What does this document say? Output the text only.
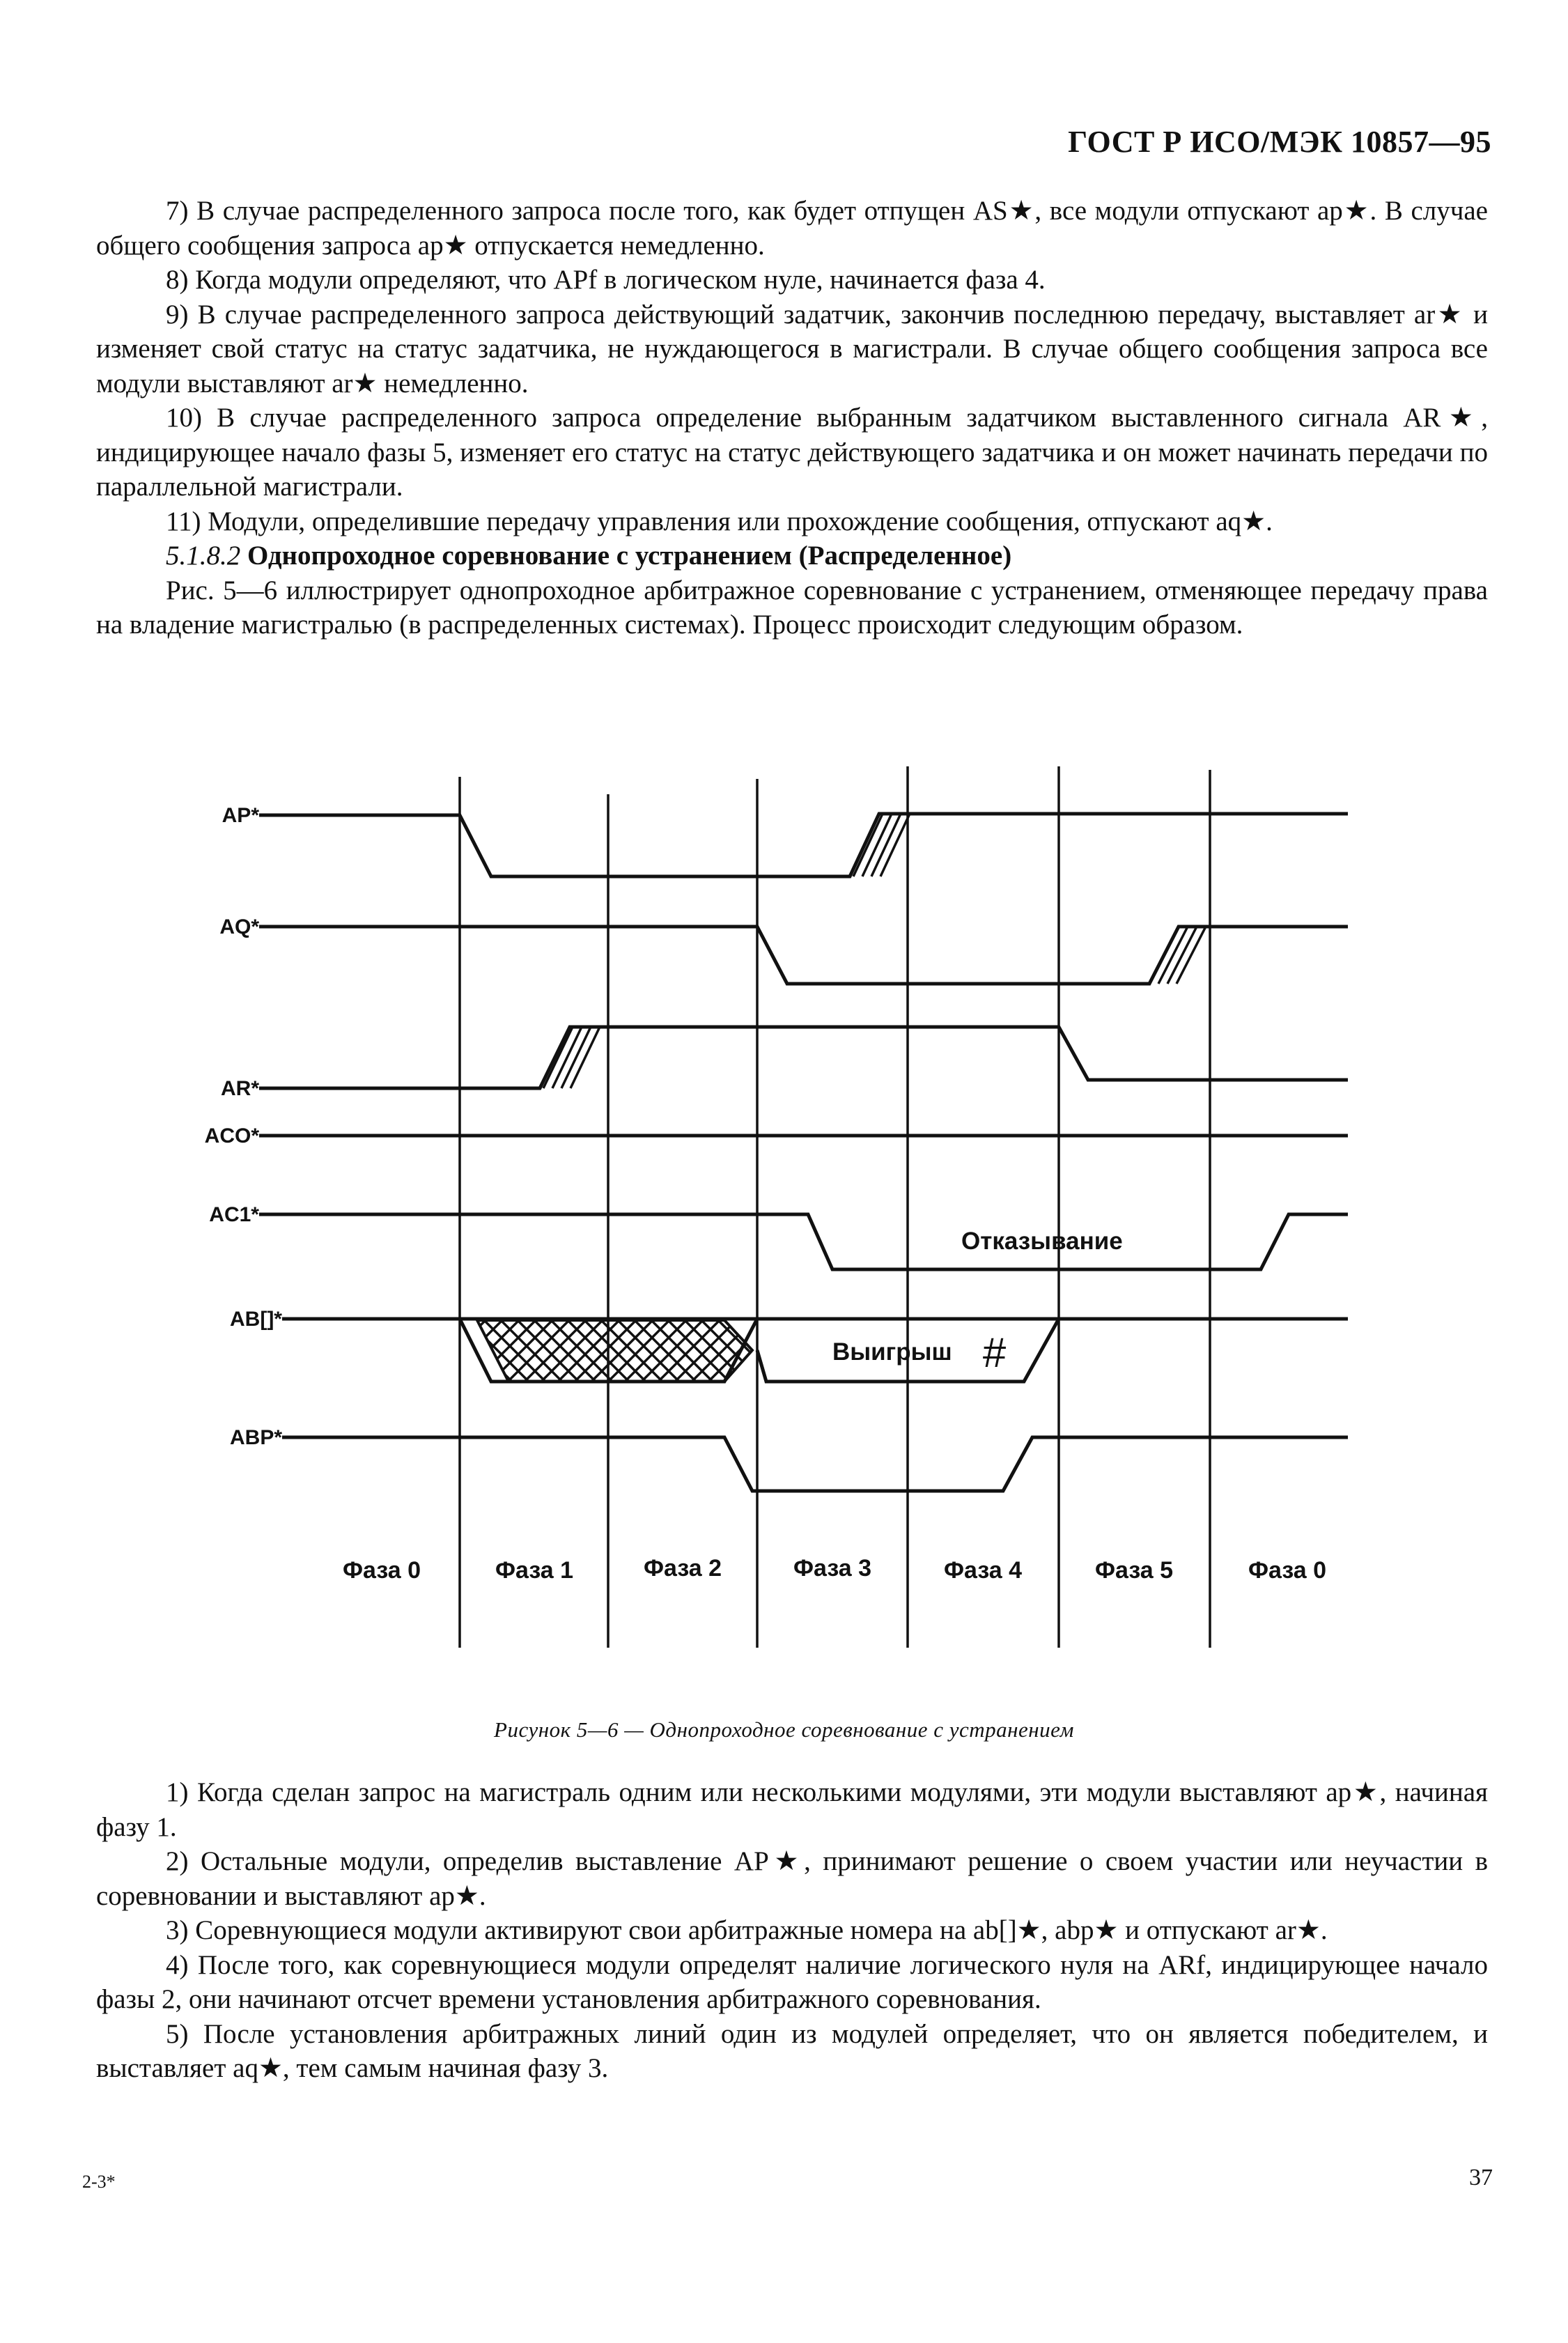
ГОСТ Р ИСО/МЭК 10857—95

7) В случае распределенного запроса после того, как будет отпущен AS★, все модули отпускают ap★. В случае общего сообщения запроса ap★ отпускается немедленно.

8) Когда модули определяют, что APf в логическом нуле, начинается фаза 4.

9) В случае распределенного запроса действующий задатчик, закончив последнюю передачу, выставляет ar★ и изменяет свой статус на статус задатчика, не нуждающегося в магистрали. В случае общего сообщения запроса все модули выставляют ar★ немедленно.

10) В случае распределенного запроса определение выбранным задатчиком выставленного сигнала AR★, индицирующее начало фазы 5, изменяет его статус на статус действующего задатчика и он может начинать передачи по параллельной магистрали.

11) Модули, определившие передачу управления или прохождение сообщения, отпускают aq★.

5.1.8.2 Однопроходное соревнование с устранением (Распределенное)

Рис. 5—6 иллюстрирует однопроходное арбитражное соревнование с устранением, отменяющее передачу права на владение магистралью (в распределенных системах). Процесс происходит следующим образом.

AP*
AQ*
AR*
ACO*
AC1*
AB[]*
ABP*
Отказывание
Выигрыш #
Фаза 0	Фаза 1	Фаза 2	Фаза 3	Фаза 4	Фаза 5	Фаза 0
Рисунок 5—6 — Однопроходное соревнование с устранением

1) Когда сделан запрос на магистраль одним или несколькими модулями, эти модули выставляют ap★, начиная фазу 1.

2) Остальные модули, определив выставление AP★, принимают решение о своем участии или неучастии в соревновании и выставляют ap★.

3) Соревнующиеся модули активируют свои арбитражные номера на ab[]★, abp★ и отпускают ar★.

4) После того, как соревнующиеся модули определят наличие логического нуля на ARf, индицирующее начало фазы 2, они начинают отсчет времени установления арбитражного соревнования.

5) После установления арбитражных линий один из модулей определяет, что он является победителем, и выставляет aq★, тем самым начиная фазу 3.

2-3*	37
